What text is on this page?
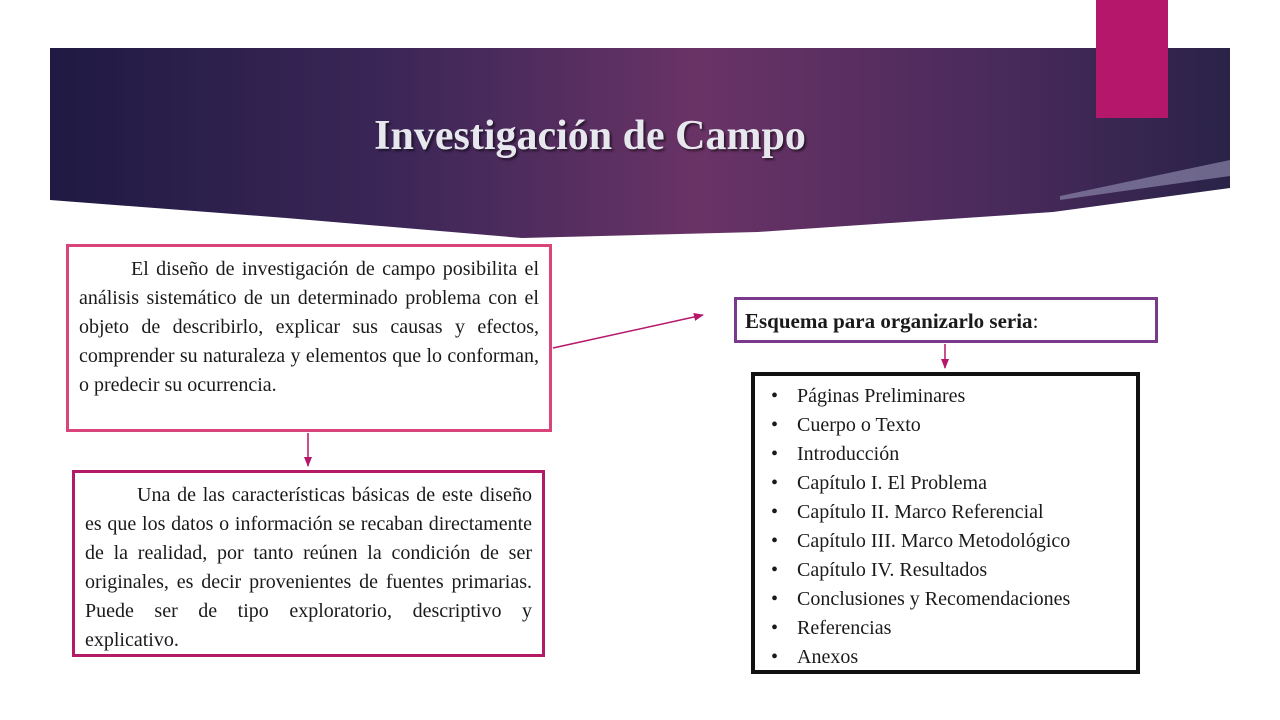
Investigación de Campo
El diseño de investigación de campo posibilita el análisis sistemático de un determinado problema con el objeto de describirlo, explicar sus causas y efectos, comprender su naturaleza y elementos que lo conforman, o predecir su ocurrencia.
Una de las características básicas de este diseño es que los datos o información se recaban directamente de la realidad, por tanto reúnen la condición de ser originales, es decir provenientes de fuentes primarias. Puede ser de tipo exploratorio, descriptivo y explicativo.
Esquema para organizarlo seria:
• Páginas Preliminares
• Cuerpo o Texto
• Introducción
• Capítulo I. El Problema
• Capítulo II. Marco Referencial
• Capítulo III. Marco Metodológico
• Capítulo IV. Resultados
• Conclusiones y Recomendaciones
• Referencias
• Anexos
